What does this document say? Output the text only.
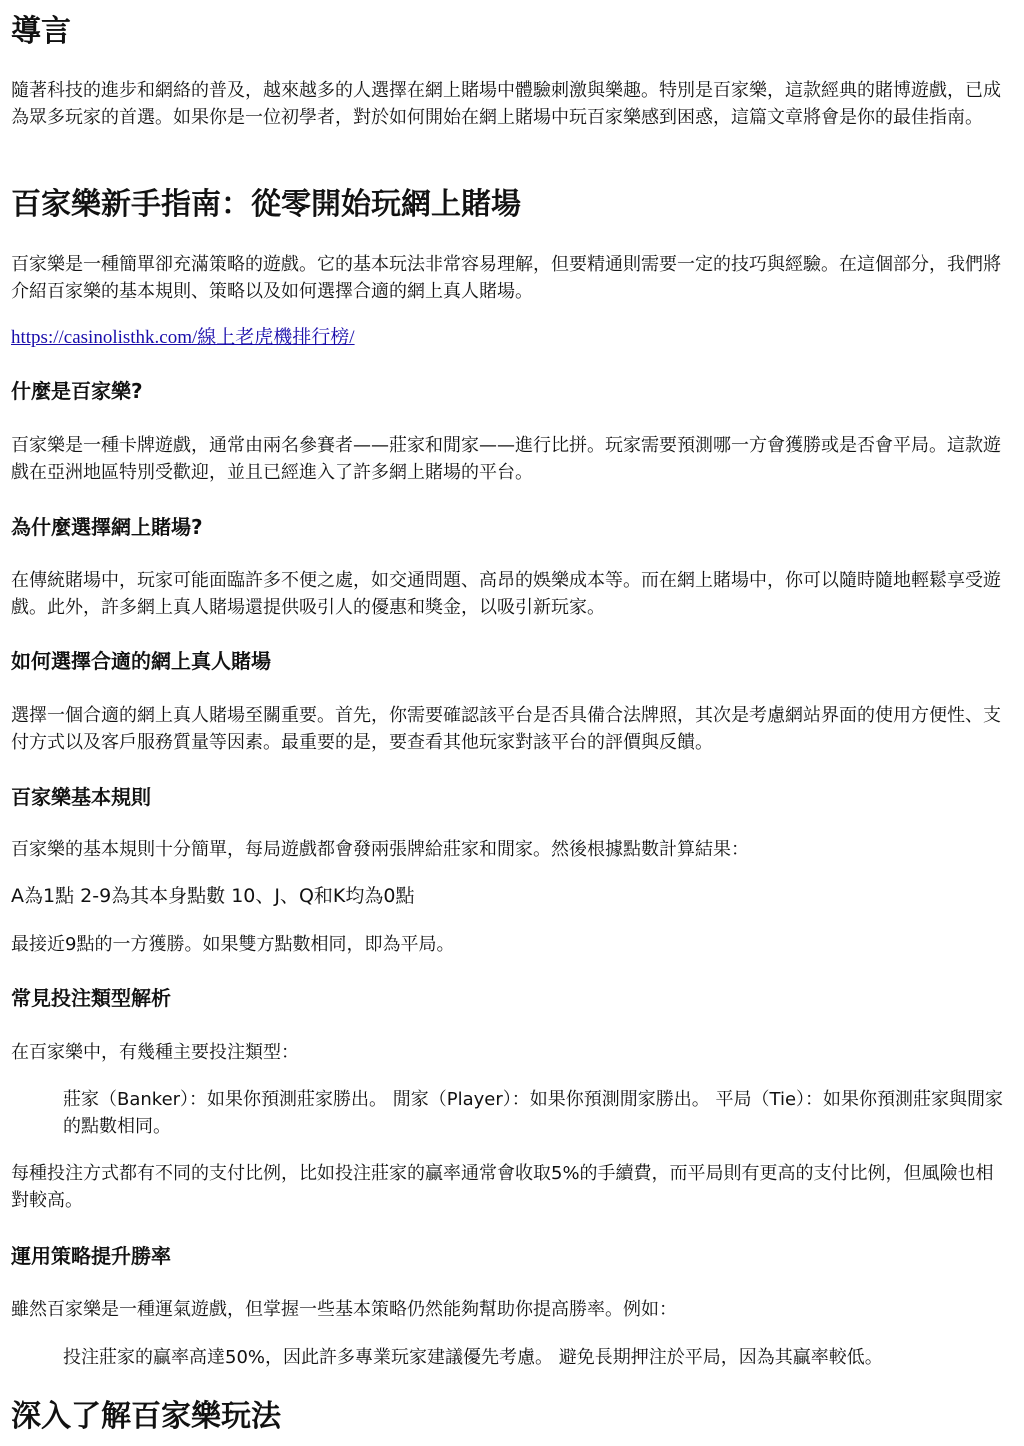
導言

隨著科技的進步和網絡的普及，越來越多的人選擇在網上賭場中體驗刺激與樂趣。特別是百家樂，這款經典的賭博遊戲，已成為眾多玩家的首選。如果你是一位初學者，對於如何開始在網上賭場中玩百家樂感到困惑，這篇文章將會是你的最佳指南。

百家樂新手指南：從零開始玩網上賭場

百家樂是一種簡單卻充滿策略的遊戲。它的基本玩法非常容易理解，但要精通則需要一定的技巧與經驗。在這個部分，我們將介紹百家樂的基本規則、策略以及如何選擇合適的網上真人賭場。

https://casinolisthk.com/線上老虎機排行榜/
什麼是百家樂?

百家樂是一種卡牌遊戲，通常由兩名參賽者——莊家和閒家——進行比拼。玩家需要預測哪一方會獲勝或是否會平局。這款遊戲在亞洲地區特別受歡迎，並且已經進入了許多網上賭場的平台。

為什麼選擇網上賭場?

在傳統賭場中，玩家可能面臨許多不便之處，如交通問題、高昂的娛樂成本等。而在網上賭場中，你可以隨時隨地輕鬆享受遊戲。此外，許多網上真人賭場還提供吸引人的優惠和獎金，以吸引新玩家。

如何選擇合適的網上真人賭場

選擇一個合適的網上真人賭場至關重要。首先，你需要確認該平台是否具備合法牌照，其次是考慮網站界面的使用方便性、支付方式以及客戶服務質量等因素。最重要的是，要查看其他玩家對該平台的評價與反饋。

百家樂基本規則

百家樂的基本規則十分簡單，每局遊戲都會發兩張牌給莊家和閒家。然後根據點數計算結果：

A為1點 2-9為其本身點數 10、J、Q和K均為0點

最接近9點的一方獲勝。如果雙方點數相同，即為平局。

常見投注類型解析

在百家樂中，有幾種主要投注類型：

莊家（Banker）：如果你預測莊家勝出。 閒家（Player）：如果你預測閒家勝出。 平局（Tie）：如果你預測莊家與閒家的點數相同。

每種投注方式都有不同的支付比例，比如投注莊家的贏率通常會收取5%的手續費，而平局則有更高的支付比例，但風險也相對較高。

運用策略提升勝率

雖然百家樂是一種運氣遊戲，但掌握一些基本策略仍然能夠幫助你提高勝率。例如：

投注莊家的贏率高達50%，因此許多專業玩家建議優先考慮。 避免長期押注於平局，因為其贏率較低。

深入了解百家樂玩法
